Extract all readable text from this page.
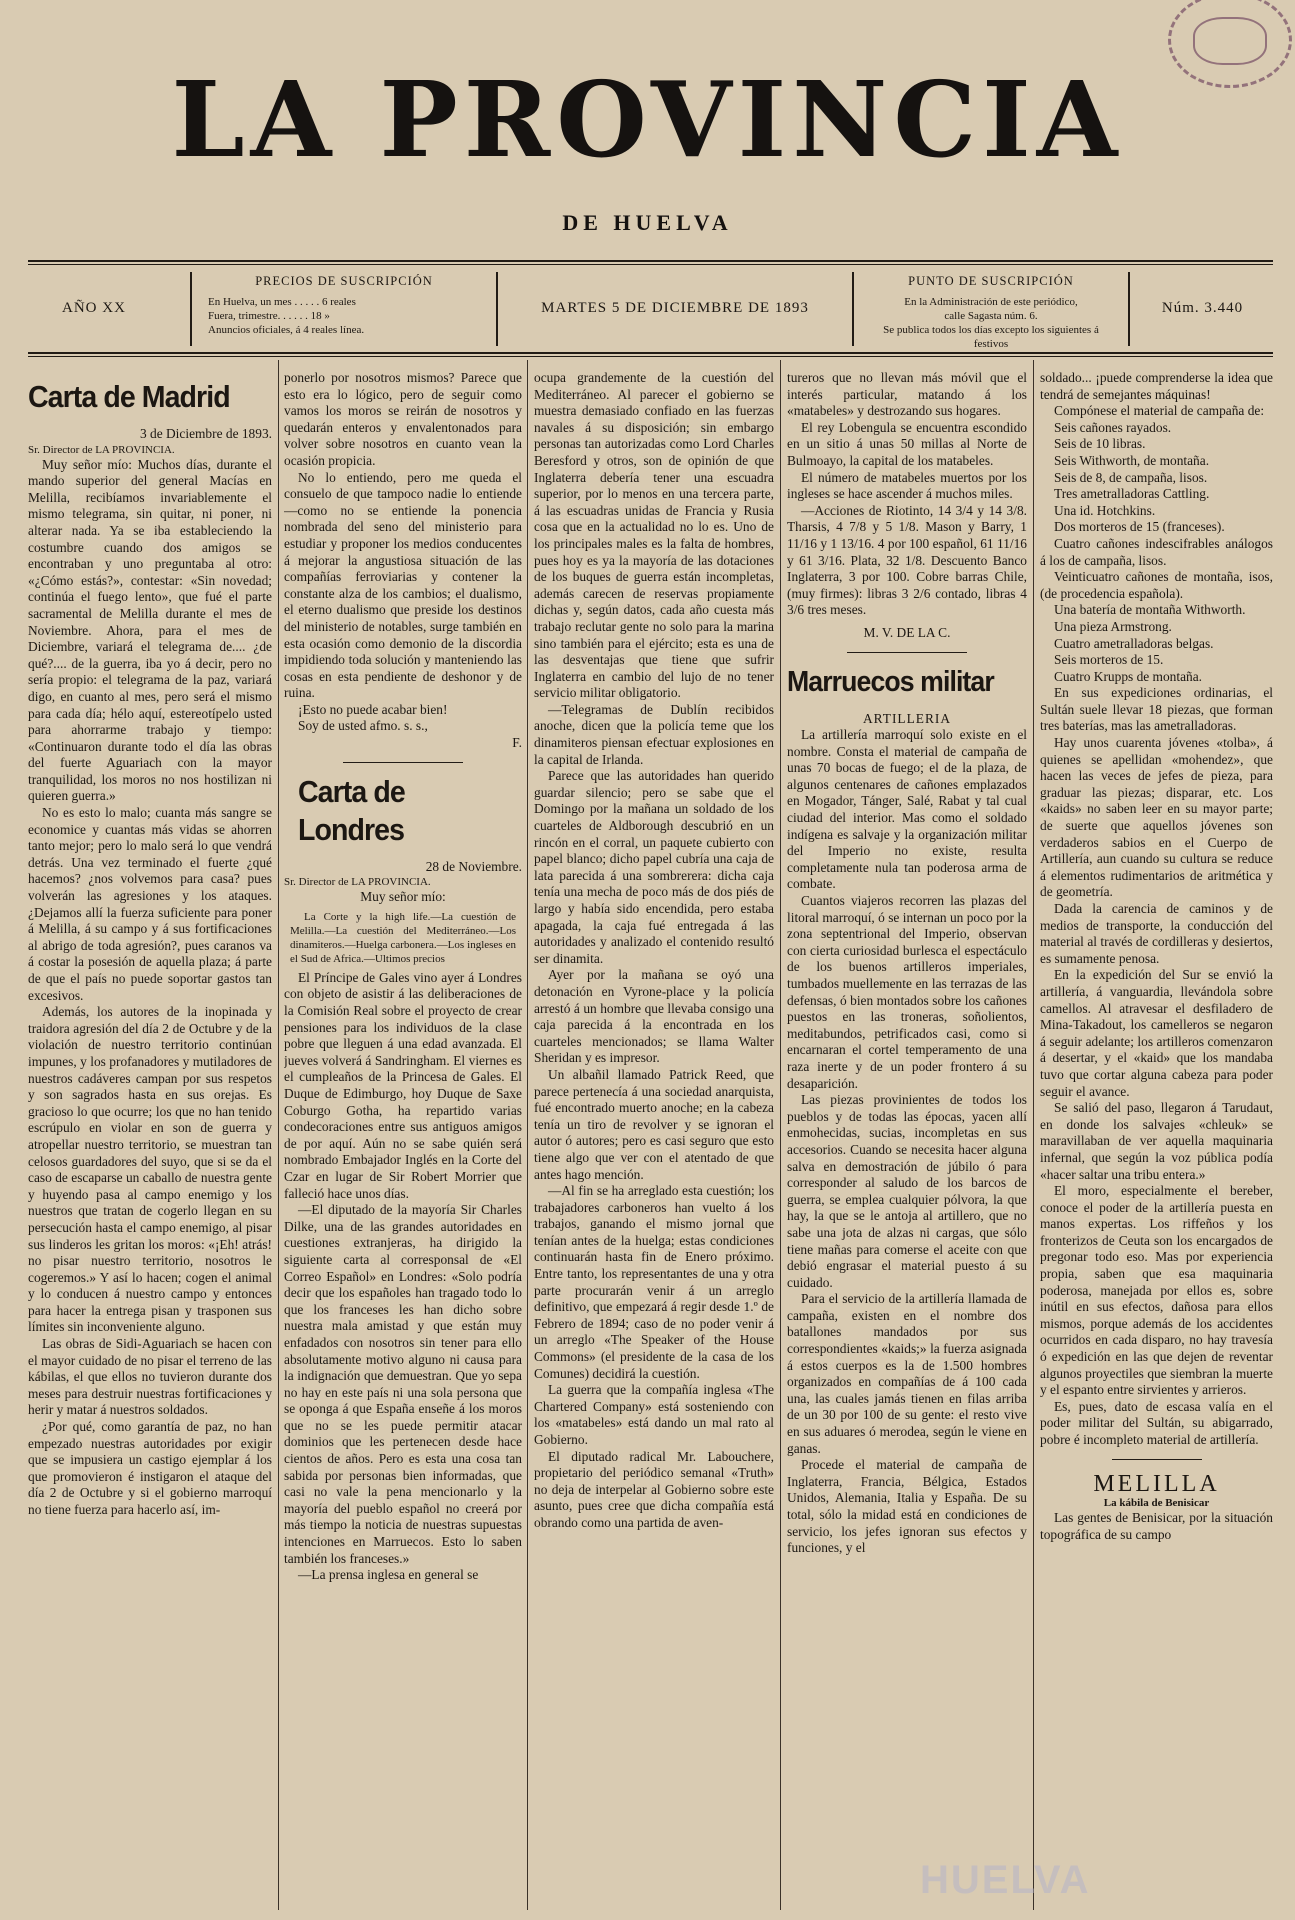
LA PROVINCIA
DE HUELVA
AÑO XX
PRECIOS DE SUSCRIPCIÓN
En Huelva, un mes . . . . . 6 reales
Fuera, trimestre. . . . . . 18 »
Anuncios oficiales, á 4 reales línea.
MARTES 5 DE DICIEMBRE DE 1893
PUNTO DE SUSCRIPCIÓN
En la Administración de este periódico,
calle Sagasta núm. 6.
Se publica todos los días excepto los siguientes á festivos
Núm. 3.440
Carta de Madrid

3 de Diciembre de 1893.

Sr. Director de LA PROVINCIA.

Muy señor mío: Muchos días, durante el mando superior del general Macías en Melilla, recibíamos invariablemente el mismo telegrama, sin quitar, ni poner, ni alterar nada. Ya se iba estableciendo la costumbre cuando dos amigos se encontraban y uno preguntaba al otro: «¿Cómo estás?», contestar: «Sin novedad; continúa el fuego lento», que fué el parte sacramental de Melilla durante el mes de Noviembre. Ahora, para el mes de Diciembre, variará el telegrama de.... ¿de qué?.... de la guerra, iba yo á decir, pero no sería propio: el telegrama de la paz, variará digo, en cuanto al mes, pero será el mismo para cada día; hélo aquí, estereotípelo usted para ahorrarme trabajo y tiempo: «Continuaron durante todo el día las obras del fuerte Aguariach con la mayor tranquilidad, los moros no nos hostilizan ni quieren guerra.»

No es esto lo malo; cuanta más sangre se economice y cuantas más vidas se ahorren tanto mejor; pero lo malo será lo que vendrá detrás. Una vez terminado el fuerte ¿qué hacemos? ¿nos volvemos para casa? pues volverán las agresiones y los ataques. ¿Dejamos allí la fuerza suficiente para poner á Melilla, á su campo y á sus fortificaciones al abrigo de toda agresión?, pues caranos va á costar la posesión de aquella plaza; á parte de que el país no puede soportar gastos tan excesivos.

Además, los autores de la inopinada y traidora agresión del día 2 de Octubre y de la violación de nuestro territorio continúan impunes, y los profanadores y mutiladores de nuestros cadáveres campan por sus respetos y son sagrados hasta en sus orejas. Es gracioso lo que ocurre; los que no han tenido escrúpulo en violar en son de guerra y atropellar nuestro territorio, se muestran tan celosos guardadores del suyo, que si se da el caso de escaparse un caballo de nuestra gente y huyendo pasa al campo enemigo y los nuestros que tratan de cogerlo llegan en su persecución hasta el campo enemigo, al pisar sus linderos les gritan los moros: «¡Eh! atrás! no pisar nuestro territorio, nosotros le cogeremos.» Y así lo hacen; cogen el animal y lo conducen á nuestro campo y entonces para hacer la entrega pisan y trasponen sus límites sin inconveniente alguno.

Las obras de Sidi-Aguariach se hacen con el mayor cuidado de no pisar el terreno de las kábilas, el que ellos no tuvieron durante dos meses para destruir nuestras fortificaciones y herir y matar á nuestros soldados.

¿Por qué, como garantía de paz, no han empezado nuestras autoridades por exigir que se impusiera un castigo ejemplar á los que promovieron é instigaron el ataque del día 2 de Octubre y si el gobierno marroquí no tiene fuerza para hacerlo así, im-

ponerlo por nosotros mismos? Parece que esto era lo lógico, pero de seguir como vamos los moros se reirán de nosotros y quedarán enteros y envalentonados para volver sobre nosotros en cuanto vean la ocasión propicia.

No lo entiendo, pero me queda el consuelo de que tampoco nadie lo entiende—como no se entiende la ponencia nombrada del seno del ministerio para estudiar y proponer los medios conducentes á mejorar la angustiosa situación de las compañías ferroviarias y contener la constante alza de los cambios; el dualismo, el eterno dualismo que preside los destinos del ministerio de notables, surge también en esta ocasión como demonio de la discordia impidiendo toda solución y manteniendo las cosas en esta pendiente de deshonor y de ruina.

¡Esto no puede acabar bien!

Soy de usted afmo. s. s.,

F.

Carta de Londres

28 de Noviembre.

Sr. Director de LA PROVINCIA.

Muy señor mío:

La Corte y la high life.—La cuestión de Melilla.—La cuestión del Mediterráneo.—Los dinamiteros.—Huelga carbonera.—Los ingleses en el Sud de Africa.—Ultimos precios

El Príncipe de Gales vino ayer á Londres con objeto de asistir á las deliberaciones de la Comisión Real sobre el proyecto de crear pensiones para los individuos de la clase pobre que lleguen á una edad avanzada. El jueves volverá á Sandringham. El viernes es el cumpleaños de la Princesa de Gales. El Duque de Edimburgo, hoy Duque de Saxe Coburgo Gotha, ha repartido varias condecoraciones entre sus antiguos amigos de por aquí. Aún no se sabe quién será nombrado Embajador Inglés en la Corte del Czar en lugar de Sir Robert Morrier que falleció hace unos días.

—El diputado de la mayoría Sir Charles Dilke, una de las grandes autoridades en cuestiones extranjeras, ha dirigido la siguiente carta al corresponsal de «El Correo Español» en Londres: «Solo podría decir que los españoles han tragado todo lo que los franceses les han dicho sobre nuestra mala amistad y que están muy enfadados con nosotros sin tener para ello absolutamente motivo alguno ni causa para la indignación que demuestran. Que yo sepa no hay en este país ni una sola persona que se oponga á que España enseñe á los moros que no se les puede permitir atacar dominios que les pertenecen desde hace cientos de años. Pero es esta una cosa tan sabida por personas bien informadas, que casi no vale la pena mencionarlo y la mayoría del pueblo español no creerá por más tiempo la noticia de nuestras supuestas intenciones en Marruecos. Esto lo saben también los franceses.»

—La prensa inglesa en general se

ocupa grandemente de la cuestión del Mediterráneo. Al parecer el gobierno se muestra demasiado confiado en las fuerzas navales á su disposición; sin embargo personas tan autorizadas como Lord Charles Beresford y otros, son de opinión de que Inglaterra debería tener una escuadra superior, por lo menos en una tercera parte, á las escuadras unidas de Francia y Rusia cosa que en la actualidad no lo es. Uno de los principales males es la falta de hombres, pues hoy es ya la mayoría de las dotaciones de los buques de guerra están incompletas, además carecen de reservas propiamente dichas y, según datos, cada año cuesta más trabajo reclutar gente no solo para la marina sino también para el ejército; esta es una de las desventajas que tiene que sufrir Inglaterra en cambio del lujo de no tener servicio militar obligatorio.

—Telegramas de Dublín recibidos anoche, dicen que la policía teme que los dinamiteros piensan efectuar explosiones en la capital de Irlanda.

Parece que las autoridades han querido guardar silencio; pero se sabe que el Domingo por la mañana un soldado de los cuarteles de Aldborough descubrió en un rincón en el corral, un paquete cubierto con papel blanco; dicho papel cubría una caja de lata parecida á una sombrerera: dicha caja tenía una mecha de poco más de dos piés de largo y había sido encendida, pero estaba apagada, la caja fué entregada á las autoridades y analizado el contenido resultó ser dinamita.

Ayer por la mañana se oyó una detonación en Vyrone-place y la policía arrestó á un hombre que llevaba consigo una caja parecida á la encontrada en los cuarteles mencionados; se llama Walter Sheridan y es impresor.

Un albañil llamado Patrick Reed, que parece pertenecía á una sociedad anarquista, fué encontrado muerto anoche; en la cabeza tenía un tiro de revolver y se ignoran el autor ó autores; pero es casi seguro que esto tiene algo que ver con el atentado de que antes hago mención.

—Al fin se ha arreglado esta cuestión; los trabajadores carboneros han vuelto á los trabajos, ganando el mismo jornal que tenían antes de la huelga; estas condiciones continuarán hasta fin de Enero próximo. Entre tanto, los representantes de una y otra parte procurarán venir á un arreglo definitivo, que empezará á regir desde 1.º de Febrero de 1894; caso de no poder venir á un arreglo «The Speaker of the House Commons» (el presidente de la casa de los Comunes) decidirá la cuestión.

La guerra que la compañía inglesa «The Chartered Company» está sosteniendo con los «matabeles» está dando un mal rato al Gobierno.

El diputado radical Mr. Labouchere, propietario del periódico semanal «Truth» no deja de interpelar al Gobierno sobre este asunto, pues cree que dicha compañía está obrando como una partida de aven-

tureros que no llevan más móvil que el interés particular, matando á los «matabeles» y destrozando sus hogares.

El rey Lobengula se encuentra escondido en un sitio á unas 50 millas al Norte de Bulmoayo, la capital de los matabeles.

El número de matabeles muertos por los ingleses se hace ascender á muchos miles.

—Acciones de Riotinto, 14 3/4 y 14 3/8. Tharsis, 4 7/8 y 5 1/8. Mason y Barry, 1 11/16 y 1 13/16. 4 por 100 español, 61 11/16 y 61 3/16. Plata, 32 1/8. Descuento Banco Inglaterra, 3 por 100. Cobre barras Chile, (muy firmes): libras 3 2/6 contado, libras 4 3/6 tres meses.

M. V. DE LA C.

Marruecos militar

ARTILLERIA

La artillería marroquí solo existe en el nombre. Consta el material de campaña de unas 70 bocas de fuego; el de la plaza, de algunos centenares de cañones emplazados en Mogador, Tánger, Salé, Rabat y tal cual ciudad del interior. Mas como el soldado indígena es salvaje y la organización militar del Imperio no existe, resulta completamente nula tan poderosa arma de combate.

Cuantos viajeros recorren las plazas del litoral marroquí, ó se internan un poco por la zona septentrional del Imperio, observan con cierta curiosidad burlesca el espectáculo de los buenos artilleros imperiales, tumbados muellemente en las terrazas de las defensas, ó bien montados sobre los cañones puestos en las troneras, soñolientos, meditabundos, petrificados casi, como si encarnaran el cortel temperamento de una raza inerte y de un poder frontero á su desaparición.

Las piezas provinientes de todos los pueblos y de todas las épocas, yacen allí enmohecidas, sucias, incompletas en sus accesorios. Cuando se necesita hacer alguna salva en demostración de júbilo ó para corresponder al saludo de los barcos de guerra, se emplea cualquier pólvora, la que hay, la que se le antoja al artillero, que no sabe una jota de alzas ni cargas, que sólo tiene mañas para comerse el aceite con que debió engrasar el material puesto á su cuidado.

Para el servicio de la artillería llamada de campaña, existen en el nombre dos batallones mandados por sus correspondientes «kaids;» la fuerza asignada á estos cuerpos es la de 1.500 hombres organizados en compañías de á 100 cada una, las cuales jamás tienen en filas arriba de un 30 por 100 de su gente: el resto vive en sus aduares ó merodea, según le viene en ganas.

Procede el material de campaña de Inglaterra, Francia, Bélgica, Estados Unidos, Alemania, Italia y España. De su total, sólo la midad está en condiciones de servicio, los jefes ignoran sus efectos y funciones, y el

soldado... ¡puede comprenderse la idea que tendrá de semejantes máquinas!

Compónese el material de campaña de:

Seis cañones rayados.

Seis de 10 libras.

Seis Withworth, de montaña.

Seis de 8, de campaña, lisos.

Tres ametralladoras Cattling.

Una id. Hotchkins.

Dos morteros de 15 (franceses).

Cuatro cañones indescifrables análogos á los de campaña, lisos.

Veinticuatro cañones de montaña, isos, (de procedencia española).

Una batería de montaña Withworth.

Una pieza Armstrong.

Cuatro ametralladoras belgas.

Seis morteros de 15.

Cuatro Krupps de montaña.

En sus expediciones ordinarias, el Sultán suele llevar 18 piezas, que forman tres baterías, mas las ametralladoras.

Hay unos cuarenta jóvenes «tolba», á quienes se apellidan «mohendez», que hacen las veces de jefes de pieza, para graduar las piezas; disparar, etc. Los «kaids» no saben leer en su mayor parte; de suerte que aquellos jóvenes son verdaderos sabios en el Cuerpo de Artillería, aun cuando su cultura se reduce á elementos rudimentarios de aritmética y de geometría.

Dada la carencia de caminos y de medios de transporte, la conducción del material al través de cordilleras y desiertos, es sumamente penosa.

En la expedición del Sur se envió la artillería, á vanguardia, llevándola sobre camellos. Al atravesar el desfiladero de Mina-Takadout, los camelleros se negaron á seguir adelante; los artilleros comenzaron á desertar, y el «kaid» que los mandaba tuvo que cortar alguna cabeza para poder seguir el avance.

Se salió del paso, llegaron á Tarudaut, en donde los salvajes «chleuk» se maravillaban de ver aquella maquinaria infernal, que según la voz pública podía «hacer saltar una tribu entera.»

El moro, especialmente el bereber, conoce el poder de la artillería puesta en manos expertas. Los riffeños y los fronterizos de Ceuta son los encargados de pregonar todo eso. Mas por experiencia propia, saben que esa maquinaria poderosa, manejada por ellos es, sobre inútil en sus efectos, dañosa para ellos mismos, porque además de los accidentes ocurridos en cada disparo, no hay travesía ó expedición en las que dejen de reventar algunos proyectiles que siembran la muerte y el espanto entre sirvientes y arrieros.

Es, pues, dato de escasa valía en el poder militar del Sultán, su abigarrado, pobre é incompleto material de artillería.

MELILLA

La kábila de Benisicar

Las gentes de Benisicar, por la situación topográfica de su campo

HUELVA
